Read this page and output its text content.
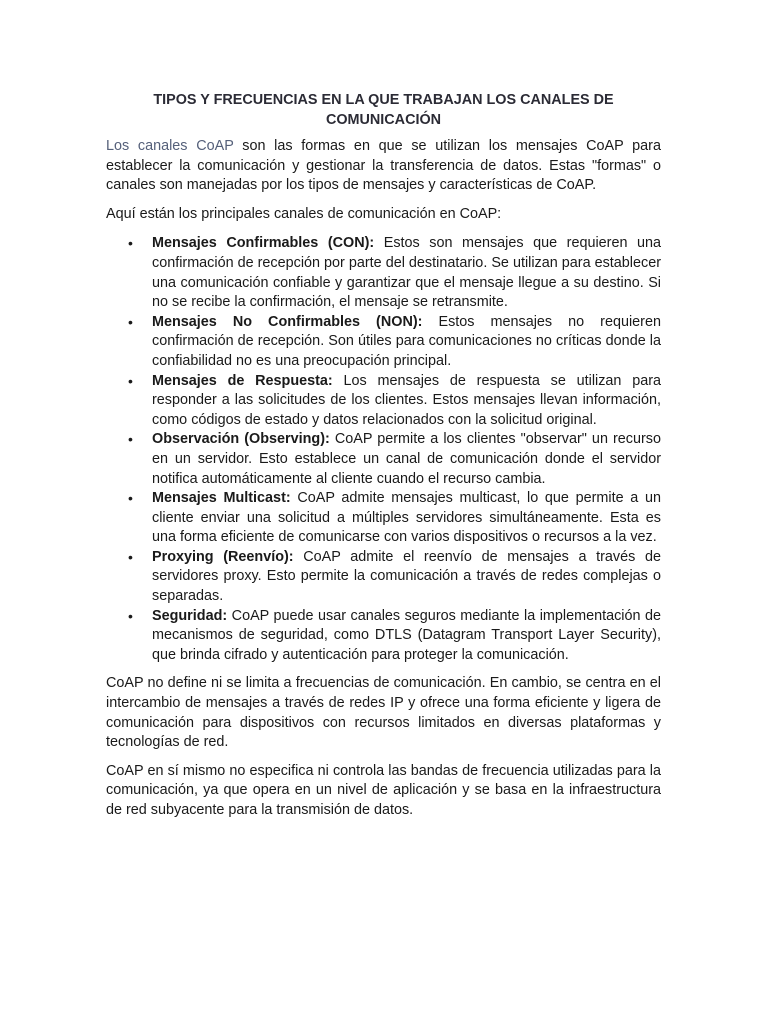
TIPOS Y FRECUENCIAS EN LA QUE TRABAJAN LOS CANALES DE COMUNICACIÓN

Los canales CoAP son las formas en que se utilizan los mensajes CoAP para establecer la comunicación y gestionar la transferencia de datos. Estas "formas" o canales son manejadas por los tipos de mensajes y características de CoAP.

Aquí están los principales canales de comunicación en CoAP:

• Mensajes Confirmables (CON): Estos son mensajes que requieren una confirmación de recepción por parte del destinatario. Se utilizan para establecer una comunicación confiable y garantizar que el mensaje llegue a su destino. Si no se recibe la confirmación, el mensaje se retransmite.
• Mensajes No Confirmables (NON): Estos mensajes no requieren confirmación de recepción. Son útiles para comunicaciones no críticas donde la confiabilidad no es una preocupación principal.
• Mensajes de Respuesta: Los mensajes de respuesta se utilizan para responder a las solicitudes de los clientes. Estos mensajes llevan información, como códigos de estado y datos relacionados con la solicitud original.
• Observación (Observing): CoAP permite a los clientes "observar" un recurso en un servidor. Esto establece un canal de comunicación donde el servidor notifica automáticamente al cliente cuando el recurso cambia.
• Mensajes Multicast: CoAP admite mensajes multicast, lo que permite a un cliente enviar una solicitud a múltiples servidores simultáneamente. Esta es una forma eficiente de comunicarse con varios dispositivos o recursos a la vez.
• Proxying (Reenvío): CoAP admite el reenvío de mensajes a través de servidores proxy. Esto permite la comunicación a través de redes complejas o separadas.
• Seguridad: CoAP puede usar canales seguros mediante la implementación de mecanismos de seguridad, como DTLS (Datagram Transport Layer Security), que brinda cifrado y autenticación para proteger la comunicación.

CoAP no define ni se limita a frecuencias de comunicación. En cambio, se centra en el intercambio de mensajes a través de redes IP y ofrece una forma eficiente y ligera de comunicación para dispositivos con recursos limitados en diversas plataformas y tecnologías de red.

CoAP en sí mismo no especifica ni controla las bandas de frecuencia utilizadas para la comunicación, ya que opera en un nivel de aplicación y se basa en la infraestructura de red subyacente para la transmisión de datos.
